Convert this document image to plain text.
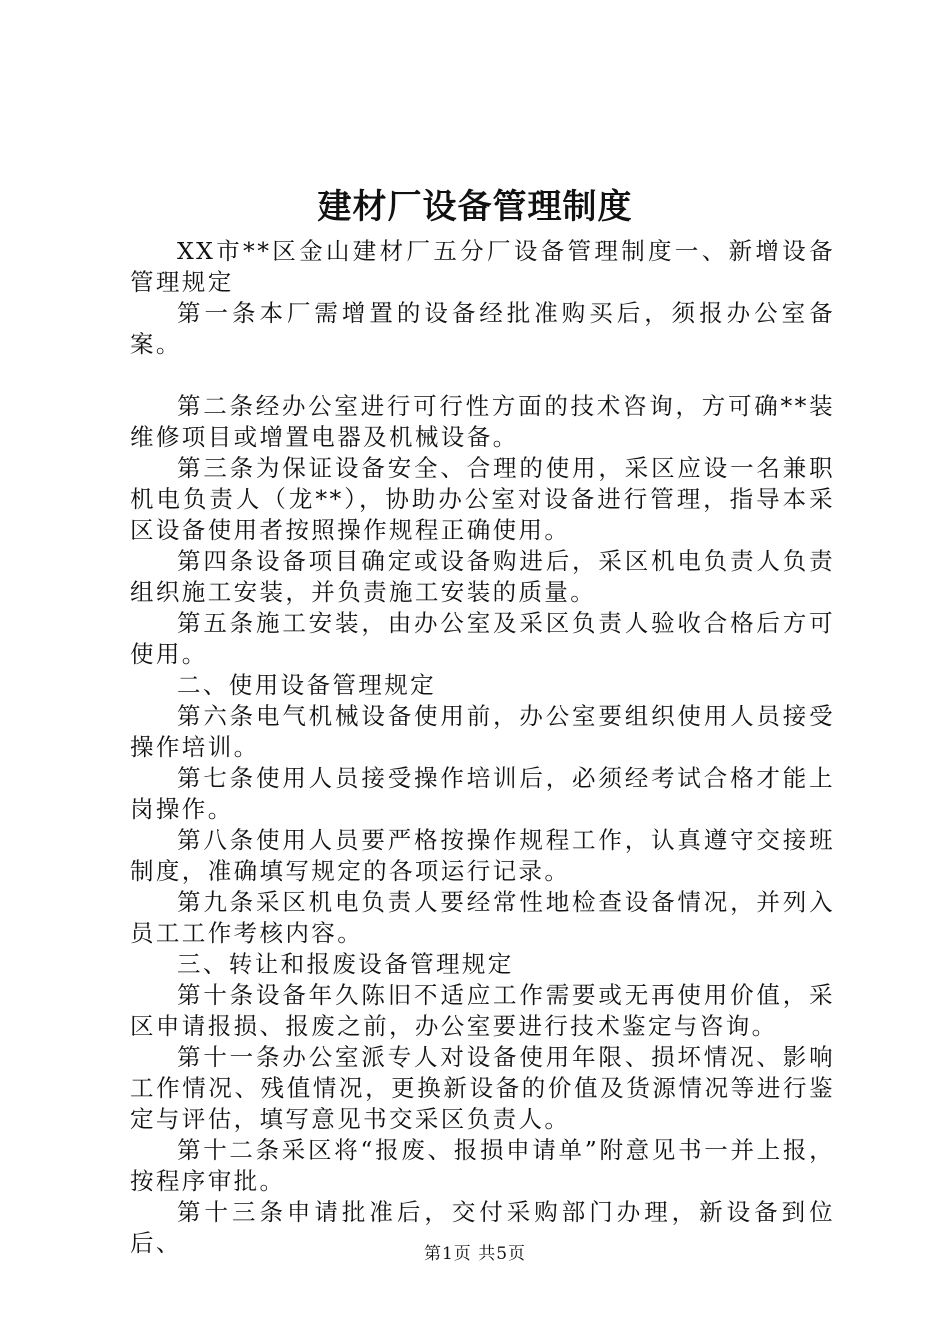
建材厂设备管理制度

XX市**区金山建材厂五分厂设备管理制度一、新增设备管理规定

第一条本厂需增置的设备经批准购买后，须报办公室备案。

第二条经办公室进行可行性方面的技术咨询，方可确**装维修项目或增置电器及机械设备。

第三条为保证设备安全、合理的使用，采区应设一名兼职机电负责人（龙**），协助办公室对设备进行管理，指导本采区设备使用者按照操作规程正确使用。

第四条设备项目确定或设备购进后，采区机电负责人负责组织施工安装，并负责施工安装的质量。

第五条施工安装，由办公室及采区负责人验收合格后方可使用。

二、使用设备管理规定

第六条电气机械设备使用前，办公室要组织使用人员接受操作培训。

第七条使用人员接受操作培训后，必须经考试合格才能上岗操作。

第八条使用人员要严格按操作规程工作，认真遵守交接班制度，准确填写规定的各项运行记录。

第九条采区机电负责人要经常性地检查设备情况，并列入员工工作考核内容。

三、转让和报废设备管理规定

第十条设备年久陈旧不适应工作需要或无再使用价值，采区申请报损、报废之前，办公室要进行技术鉴定与咨询。

第十一条办公室派专人对设备使用年限、损坏情况、影响工作情况、残值情况，更换新设备的价值及货源情况等进行鉴定与评估，填写意见书交采区负责人。

第十二条采区将“报废、报损申请单”附意见书一并上报，按程序审批。

第十三条申请批准后，交付采购部门办理，新设备到位后、	第1页 共5页
